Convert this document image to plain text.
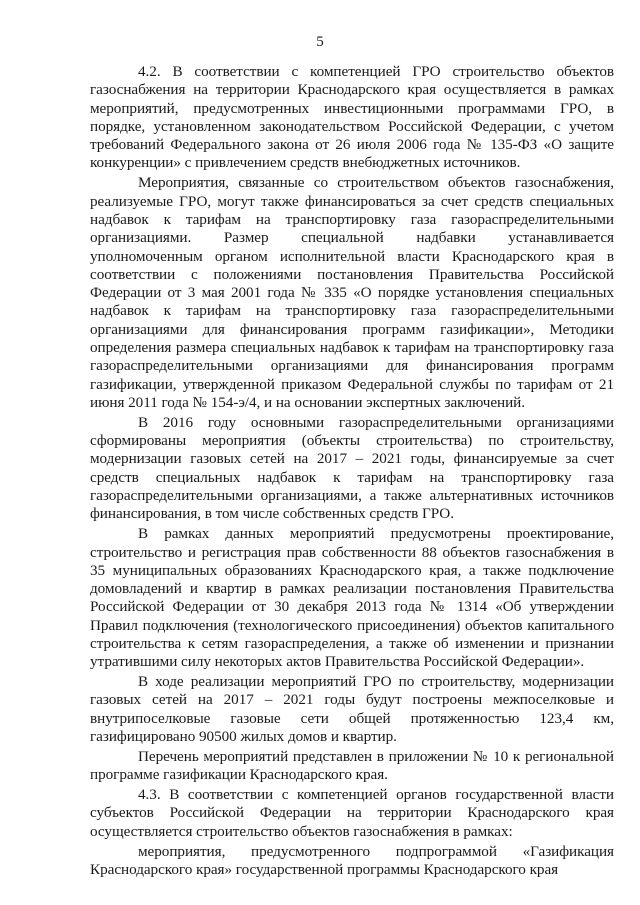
5

4.2. В соответствии с компетенцией ГРО строительство объектов газоснабжения на территории Краснодарского края осуществляется в рамках мероприятий, предусмотренных инвестиционными программами ГРО, в порядке, установленном законодательством Российской Федерации, с учетом требований Федерального закона от 26 июля 2006 года № 135-ФЗ «О защите конкуренции» с привлечением средств внебюджетных источников.

Мероприятия, связанные со строительством объектов газоснабжения, реализуемые ГРО, могут также финансироваться за счет средств специальных надбавок к тарифам на транспортировку газа газораспределительными организациями. Размер специальной надбавки устанавливается уполномоченным органом исполнительной власти Краснодарского края в соответствии с положениями постановления Правительства Российской Федерации от 3 мая 2001 года № 335 «О порядке установления специальных надбавок к тарифам на транспортировку газа газораспределительными организациями для финансирования программ газификации», Методики определения размера специальных надбавок к тарифам на транспортировку газа газораспределительными организациями для финансирования программ газификации, утвержденной приказом Федеральной службы по тарифам от 21 июня 2011 года № 154-э/4, и на основании экспертных заключений.

В 2016 году основными газораспределительными организациями сформированы мероприятия (объекты строительства) по строительству, модернизации газовых сетей на 2017 – 2021 годы, финансируемые за счет средств специальных надбавок к тарифам на транспортировку газа газораспределительными организациями, а также альтернативных источников финансирования, в том числе собственных средств ГРО.

В рамках данных мероприятий предусмотрены проектирование, строительство и регистрация прав собственности 88 объектов газоснабжения в 35 муниципальных образованиях Краснодарского края, а также подключение домовладений и квартир в рамках реализации постановления Правительства Российской Федерации от 30 декабря 2013 года № 1314 «Об утверждении Правил подключения (технологического присоединения) объектов капитального строительства к сетям газораспределения, а также об изменении и признании утратившими силу некоторых актов Правительства Российской Федерации».

В ходе реализации мероприятий ГРО по строительству, модернизации газовых сетей на 2017 – 2021 годы будут построены межпоселковые и внутрипоселковые газовые сети общей протяженностью 123,4 км, газифицировано 90500 жилых домов и квартир.

Перечень мероприятий представлен в приложении № 10 к региональной программе газификации Краснодарского края.

4.3. В соответствии с компетенцией органов государственной власти субъектов Российской Федерации на территории Краснодарского края осуществляется строительство объектов газоснабжения в рамках:

мероприятия, предусмотренного подпрограммой «Газификация Краснодарского края» государственной программы Краснодарского края
